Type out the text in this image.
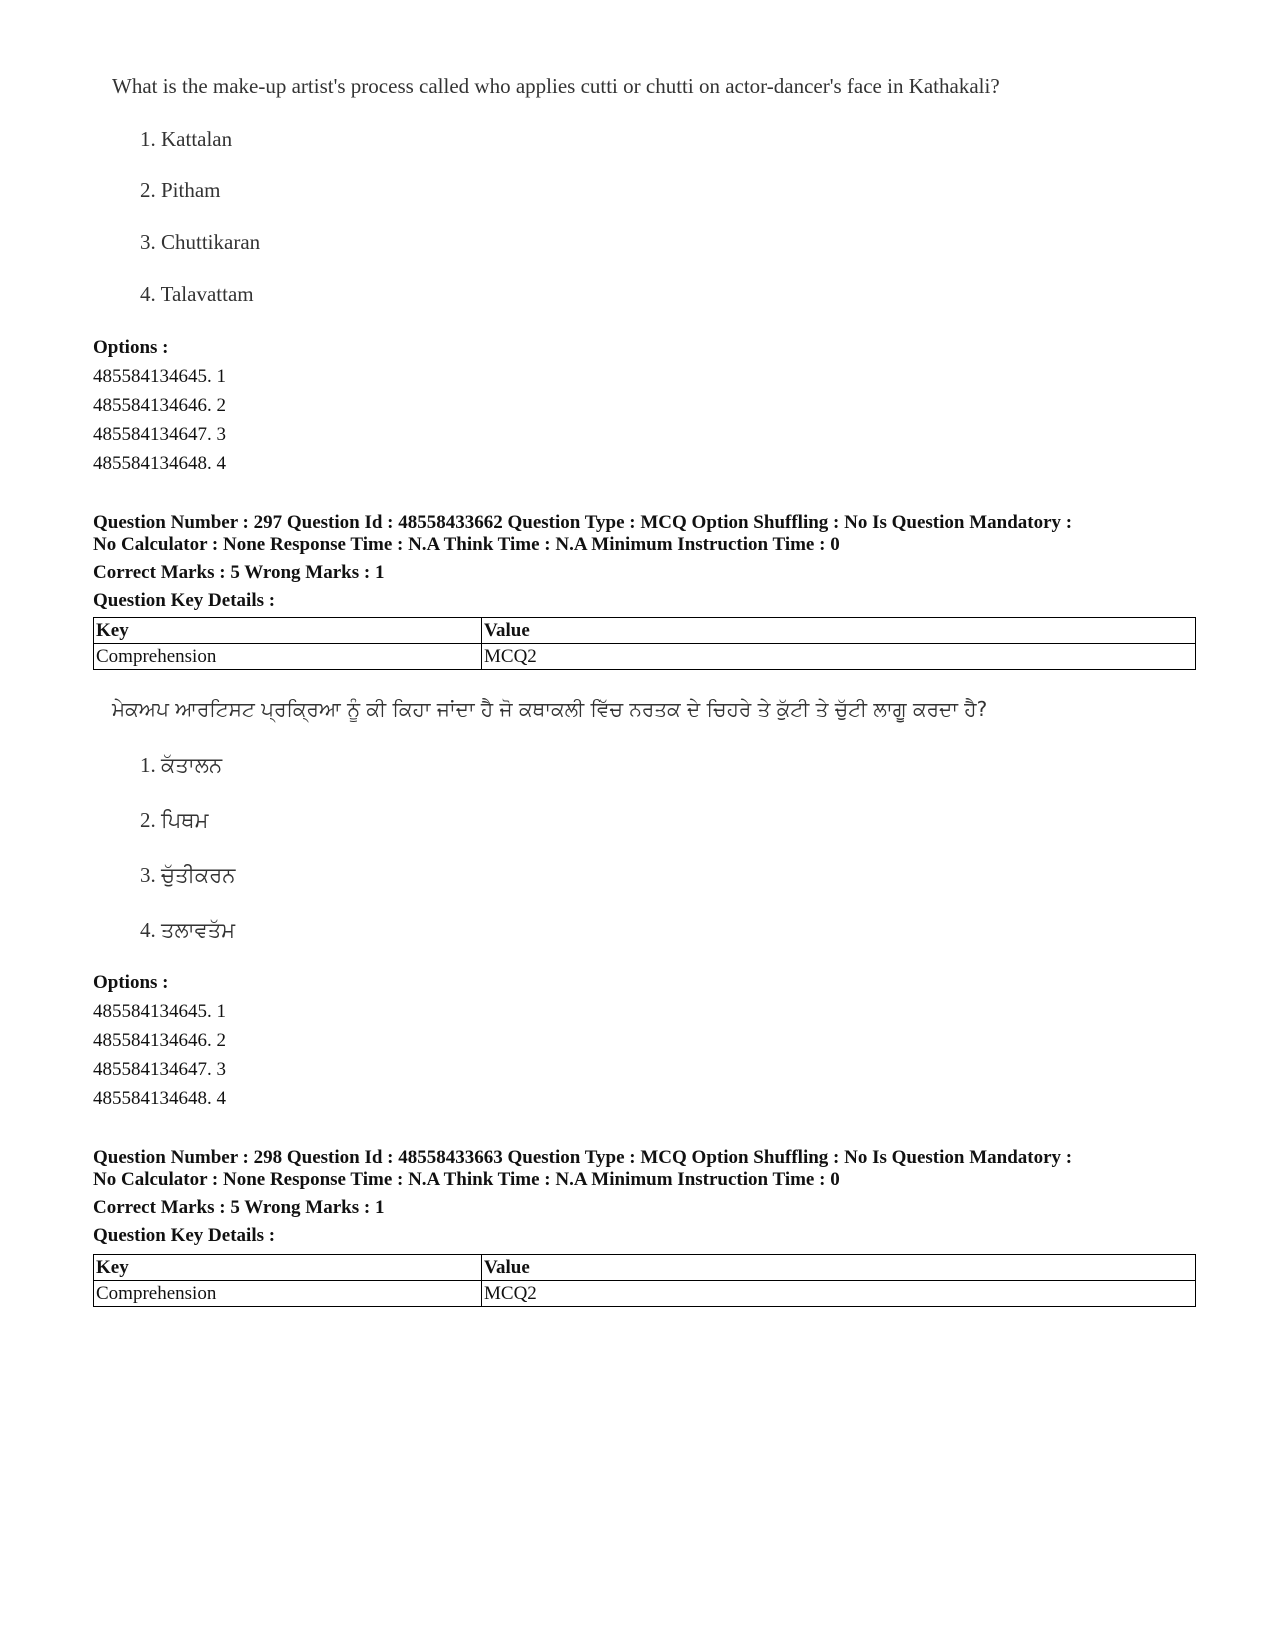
What is the make-up artist's process called who applies cutti or chutti on actor-dancer's face in Kathakali?
1. Kattalan
2. Pitham
3. Chuttikaran
4. Talavattam
Options :
485584134645. 1
485584134646. 2
485584134647. 3
485584134648. 4
Question Number : 297 Question Id : 48558433662 Question Type : MCQ Option Shuffling : No Is Question Mandatory :
No Calculator : None Response Time : N.A Think Time : N.A Minimum Instruction Time : 0
Correct Marks : 5 Wrong Marks : 1
Question Key Details :
Key	Value
Comprehension	MCQ2
ਮੇਕਅਪ ਆਰਟਿਸਟ ਪ੍ਰਕ੍ਰਿਆ ਨੂੰ ਕੀ ਕਿਹਾ ਜਾਂਦਾ ਹੈ ਜੋ ਕਥਾਕਲੀ ਵਿੱਚ ਨਰਤਕ ਦੇ ਚਿਹਰੇ ਤੇ ਕੁੱਟੀ ਤੇ ਚੁੱਟੀ ਲਾਗੂ ਕਰਦਾ ਹੈ?
1. ਕੱਤਾਲਨ
2. ਪਿਥਮ
3. ਚੁੱਤੀਕਰਨ
4. ਤਲਾਵਤੱਮ
Options :
485584134645. 1
485584134646. 2
485584134647. 3
485584134648. 4
Question Number : 298 Question Id : 48558433663 Question Type : MCQ Option Shuffling : No Is Question Mandatory :
No Calculator : None Response Time : N.A Think Time : N.A Minimum Instruction Time : 0
Correct Marks : 5 Wrong Marks : 1
Question Key Details :
Key	Value
Comprehension	MCQ2
